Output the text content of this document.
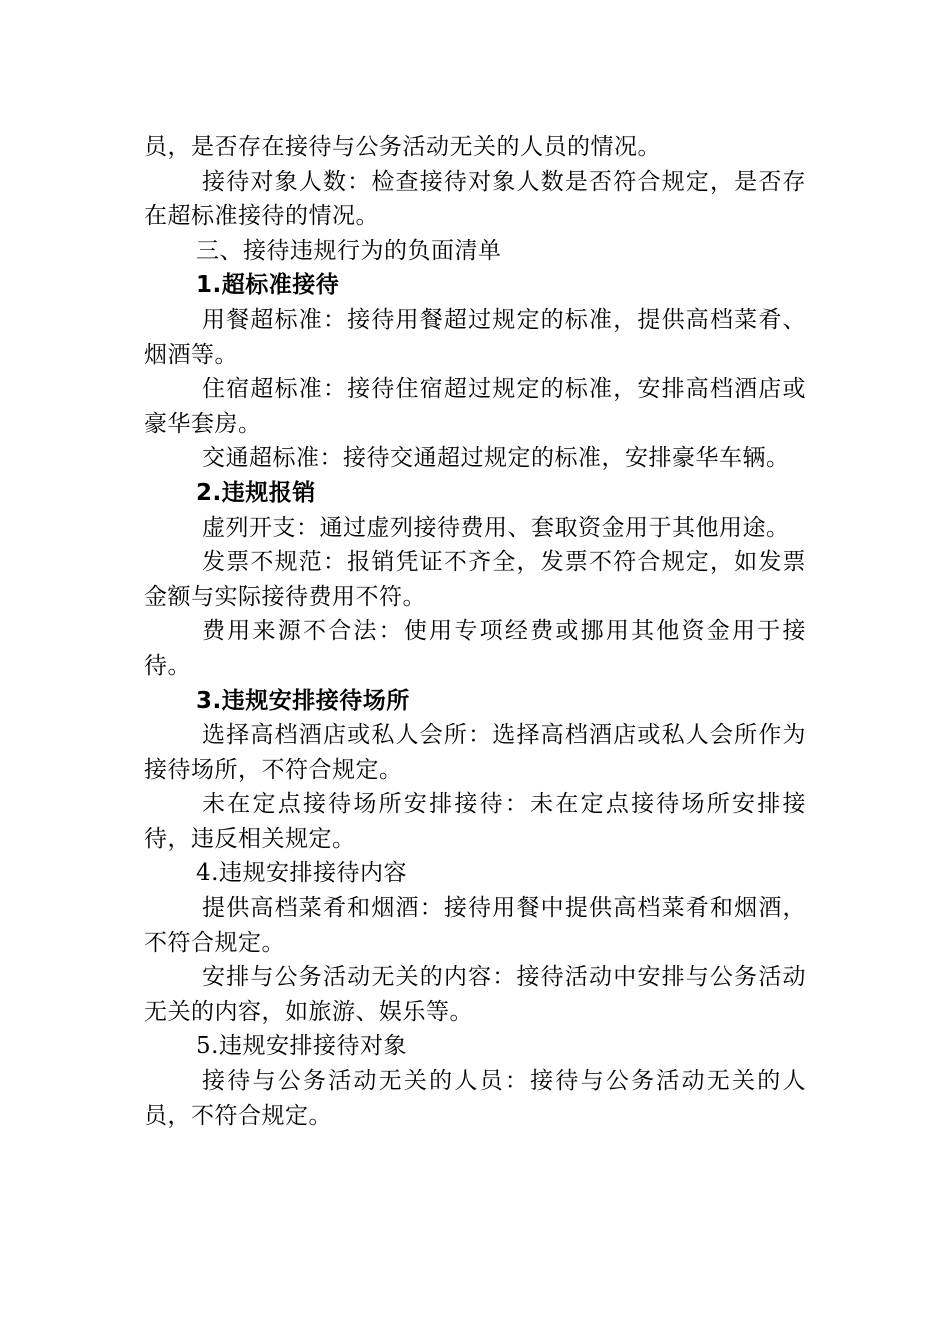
员，是否存在接待与公务活动无关的人员的情况。

接待对象人数：检查接待对象人数是否符合规定，是否存在超标准接待的情况。

三、接待违规行为的负面清单

1.超标准接待

用餐超标准：接待用餐超过规定的标准，提供高档菜肴、烟酒等。

住宿超标准：接待住宿超过规定的标准，安排高档酒店或豪华套房。

交通超标准：接待交通超过规定的标准，安排豪华车辆。

2.违规报销

虚列开支：通过虚列接待费用、套取资金用于其他用途。

发票不规范：报销凭证不齐全，发票不符合规定，如发票金额与实际接待费用不符。

费用来源不合法：使用专项经费或挪用其他资金用于接待。

3.违规安排接待场所

选择高档酒店或私人会所：选择高档酒店或私人会所作为接待场所，不符合规定。

未在定点接待场所安排接待：未在定点接待场所安排接待，违反相关规定。

4.违规安排接待内容

提供高档菜肴和烟酒：接待用餐中提供高档菜肴和烟酒，不符合规定。

安排与公务活动无关的内容：接待活动中安排与公务活动无关的内容，如旅游、娱乐等。

5.违规安排接待对象

接待与公务活动无关的人员：接待与公务活动无关的人员，不符合规定。
